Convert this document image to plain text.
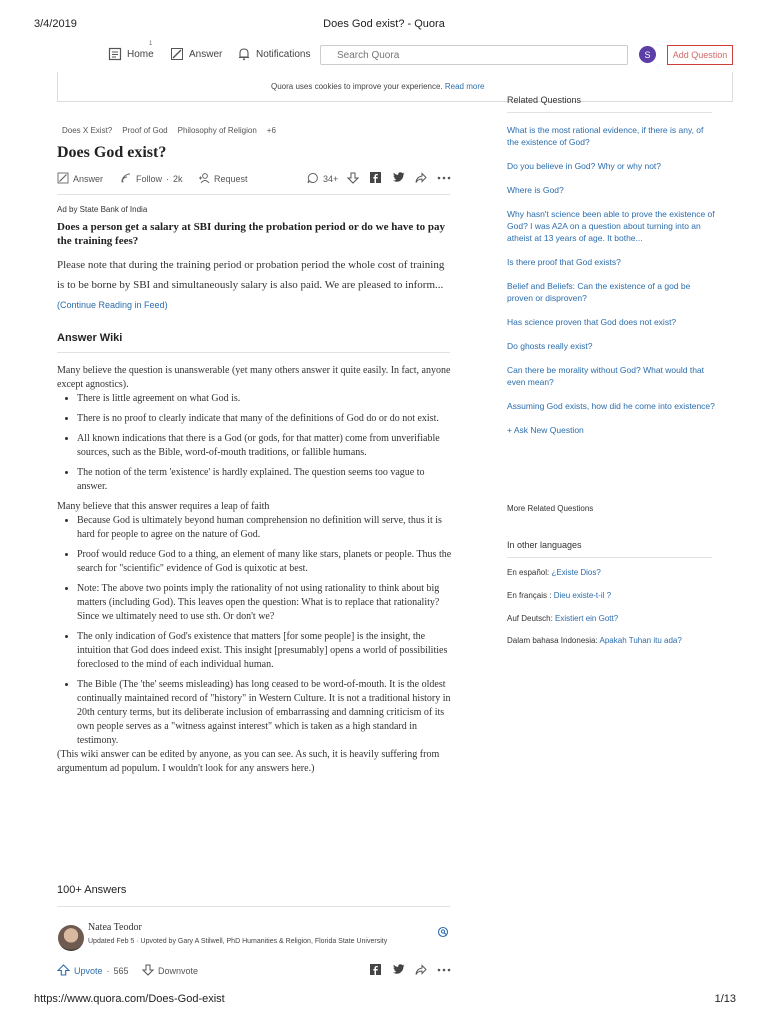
3/4/2019	Does God exist? - Quora
Home
1
Answer	Notifications
Search Quora	S	Add Question
Quora uses cookies to improve your experience. Read more
Does X Exist? Proof of God Philosophy of Religion +6
Does God exist?
Answer	Follow · 2k	Request	34+
Ad by State Bank of India
Does a person get a salary at SBI during the probation period or do we have to pay the training fees?
Please note that during the training period or probation period the whole cost of training is to be borne by SBI and simultaneously salary is also paid. We are pleased to inform... (Continue Reading in Feed)
Answer Wiki

Many believe the question is unanswerable (yet many others answer it quite easily. In fact, anyone except agnostics).

• There is little agreement on what God is.
• There is no proof to clearly indicate that many of the definitions of God do or do not exist.
• All known indications that there is a God (or gods, for that matter) come from unverifiable sources, such as the Bible, word-of-mouth traditions, or fallible humans.
• The notion of the term 'existence' is hardly explained. The question seems too vague to answer.

Many believe that this answer requires a leap of faith

• Because God is ultimately beyond human comprehension no definition will serve, thus it is hard for people to agree on the nature of God.
• Proof would reduce God to a thing, an element of many like stars, planets or people. Thus the search for "scientific" evidence of God is quixotic at best.
• Note: The above two points imply the rationality of not using rationality to think about big matters (including God). This leaves open the question: What is to replace that rationality? Since we ultimately need to use sth. Or don't we?
• The only indication of God's existence that matters [for some people] is the insight, the intuition that God does indeed exist. This insight [presumably] opens a world of possibilities foreclosed to the mind of each individual human.
• The Bible (The 'the' seems misleading) has long ceased to be word-of-mouth. It is the oldest continually maintained record of "history" in Western Culture. It is not a traditional history in 20th century terms, but its deliberate inclusion of embarrassing and damning criticism of its own people serves as a "witness against interest" which is taken as a high standard in testimony.

(This wiki answer can be edited by anyone, as you can see. As such, it is heavily suffering from argumentum ad populum. I wouldn't look for any answers here.)

100+ Answers
Natea Teodor
Updated Feb 5 · Upvoted by Gary A Stilwell, PhD Humanities & Religion, Florida State University
Upvote · 565	Downvote
Related Questions
What is the most rational evidence, if there is any, of the existence of God?
Do you believe in God? Why or why not?
Where is God?
Why hasn't science been able to prove the existence of God? I was A2A on a question about turning into an atheist at 13 years of age. It bothe...
Is there proof that God exists?
Belief and Beliefs: Can the existence of a god be proven or disproven?
Has science proven that God does not exist?
Do ghosts really exist?
Can there be morality without God? What would that even mean?
Assuming God exists, how did he come into existence?
+ Ask New Question
More Related Questions
In other languages
En español: ¿Existe Dios?
En français : Dieu existe-t-il ?
Auf Deutsch: Existiert ein Gott?
Dalam bahasa Indonesia: Apakah Tuhan itu ada?
https://www.quora.com/Does-God-exist	1/13
